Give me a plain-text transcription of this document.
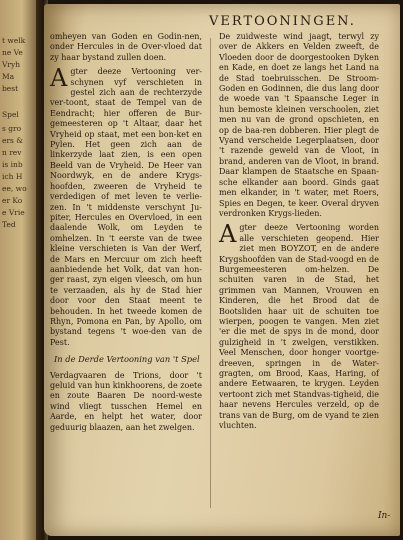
t welk
ne Ve
Vryh
Ma
best
Spel
s gro
ers &
n rev
is inb
ich H
ee, wo
er Ko
e Vrie
Ted
VERTOONINGEN.

omheyen van Goden en Godin-nen, onder Hercules in de Over-vloed dat zy haar bystand zullen doen.

Agter deeze Vertooning ver-schynen vyf verschieten in gestel zich aan de rechterzyde ver-toont, staat de Tempel van de Eendracht; hier offeren de Bur-gemeesteren op 't Altaar, daar het Vryheid op staat, met een bon-ket en Pylen. Het geen zich aan de linkerzyde laat zien, is een open Beeld van de Vryheid. De Heer van Noordwyk, en de andere Krygs-hoofden, zweeren de Vryheid te verdedigen of met leven te verlie-zen. In 't middenste verschynt Ju-piter, Hercules en Overvloed, in een daalende Wolk, om Leyden te omhelzen. In 't eerste van de twee kleine verschieten is Van der Werf, de Mars en Mercuur om zich heeft aanbiedende het Volk, dat van hon-ger raast, zyn eigen vleesch, om hun te verzaaden, als hy de Stad hier door voor den Staat meent te behouden. In het tweede komen de Rhyn, Pomona en Pan, by Apollo, om bystand tegens 't woe-den van de Pest.

In de Derde Vertooning van 't Spel

Verdagvaaren de Trions, door 't geluid van hun kinkhoorens, de zoete en zoute Baaren De noord-weste wind vliegt tusschen Hemel en Aarde, en helpt het water, door geduurig blaazen, aan het zwelgen.

De zuidweste wind jaagt, terwyl zy over de Akkers en Velden zweeft, de Vloeden door de doorgestooken Dyken en Kade, en doet ze langs het Land na de Stad toebruisschen. De Stroom-Goden en Godinnen, die dus lang door de woede van 't Spaansche Leger in hun bemoste kleinen verschoolen, ziet men nu van de grond opschieten, en op de baa-ren dobberen. Hier plegt de Vyand verscheide Legerplaatsen, door 't razende geweld van de Vloot, in brand, anderen van de Vloot, in brand. Daar klampen de Staatsche en Spaan-sche elkander aan boord. Ginds gaat men elkander, in 't water, met Roers, Spies en Degen, te keer. Overal dryven verdronken Krygs-lieden.

Agter deeze Vertooning worden alle verschieten geopend. Hier ziet men BOYZOT, en de andere Krygshoofden van de Stad-voogd en de Burgemeesteren om-helzen. De schuiten varen in de Stad, het grimmen van Mannen, Vrouwen en Kinderen, die het Brood dat de Bootsliden haar uit de schuiten toe wierpen, poogen te vangen. Men ziet 'er die met de spys in de mond, door gulzigheid in 't zwelgen, verstikken. Veel Menschen, door honger voortge-dreeven, springen in de Water-gragten, om Brood, Kaas, Haring, of andere Eetwaaren, te krygen. Leyden vertoont zich met Standvas-tigheid, die haar nevens Hercules verzeld, op de trans van de Burg, om de vyand te zien vluchten.

In-
